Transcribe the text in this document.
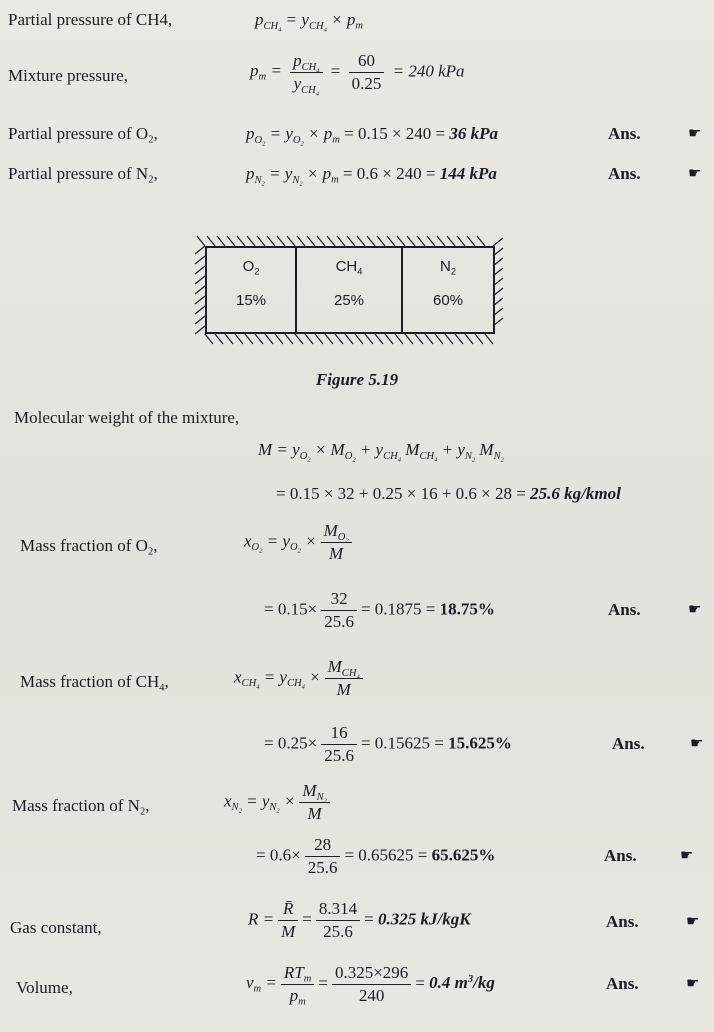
Partial pressure of CH4,	$p_{CH_4} = y_{CH_4} \times p_m$
Mixture pressure,	$p_m = \frac{p_{CH_4}}{y_{CH_4}} = \frac{60}{0.25} = 240$ kPa
Partial pressure of $O_2$,	$p_{O_2} = y_{O_2} \times p_m = 0.15 \times 240 = 36$ kPa	Ans.	☛
Partial pressure of $N_2$,	$p_{N_2} = y_{N_2} \times p_m = 0.6 \times 240 = 144$ kPa	Ans.	☛
$O_2$
15%
$CH_4$
25%
$N_2$
60%
Figure 5.19
Molecular weight of the mixture,
$M = y_{O_2} \times M_{O_2} + y_{CH_4}$ $M_{CH_4} + y_{N_2}$ $M_{N_2}$
= 0.15 × 32 + 0.25 × 16 + 0.6 × 28 = 25.6 kg/kmol
Mass fraction of $O_2$,	$x_{O_2} = y_{O_2} \times \frac{M_{O_2}}{M}$
= $0.15\times \frac{32}{25.6} = 0.1875 = 18.75\%$	Ans.	☛
Mass fraction of $CH_4$,	$x_{CH_4} = y_{CH_4} \times \frac{M_{CH_4}}{M}$
= $0.25\times \frac{16}{25.6} = 0.15625 = 15.625\%$	Ans.	☛
Mass fraction of $N_2$,	$x_{N_2} = y_{N_2} \times \frac{M_{N_2}}{M}$
= $0.6\times \frac{28}{25.6} = 0.65625 = 65.625\%$	Ans.	☛
Gas constant,	$R = \frac{R̄}{M} = \frac{8.314}{25.6} = 0.325$ kJ/kgK	Ans.	☛
Volume,	$v_m = \frac{RT_m}{p_m} = \frac{0.325\times 296}{240} = 0.4$ $m^3/kg$	Ans.	☛
